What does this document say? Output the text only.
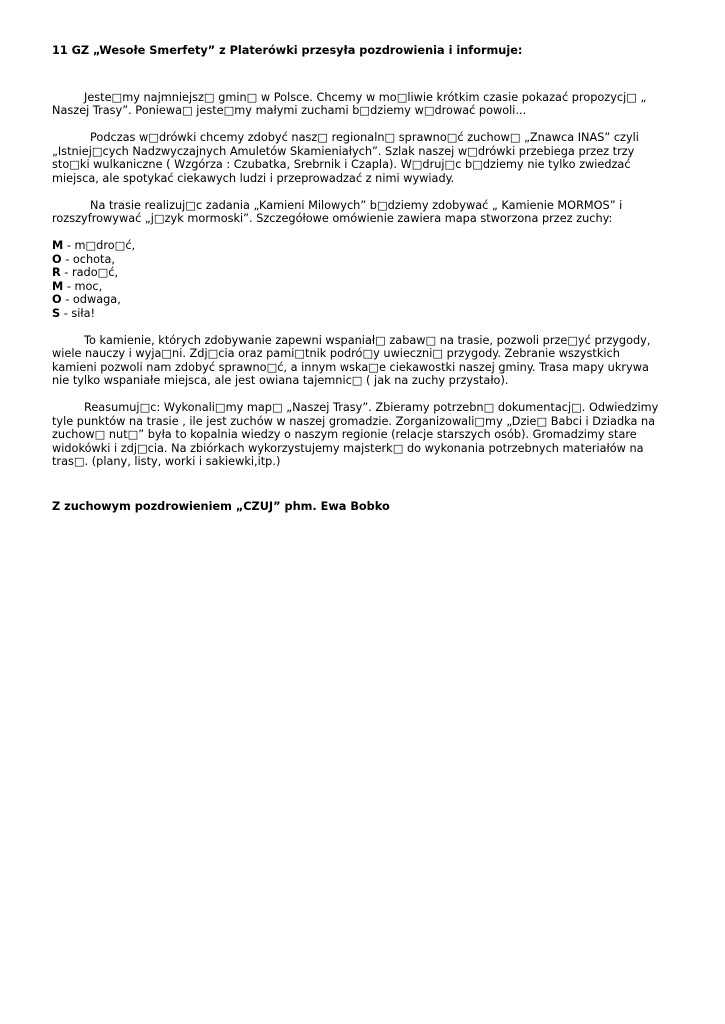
11 GZ „Wesołe Smerfety” z Platerówki przesyła pozdrowienia i informuje:

Jeste□my najmniejsz□ gmin□ w Polsce. Chcemy w mo□liwie krótkim czasie pokazać propozycj□ „ Naszej Trasy”. Poniewa□ jeste□my małymi zuchami b□dziemy w□drować powoli...

Podczas w□drówki chcemy zdobyć nasz□ regionaln□ sprawno□ć zuchow□ „Znawca INAS” czyli „Istniej□cych Nadzwyczajnych Amuletów Skamieniałych”. Szlak naszej w□drówki przebiega przez trzy sto□ki wulkaniczne ( Wzgórza : Czubatka, Srebrnik i Czapla). W□druj□c b□dziemy nie tylko zwiedzać miejsca, ale spotykać ciekawych ludzi i przeprowadzać z nimi wywiady.

Na trasie realizuj□c zadania „Kamieni Milowych” b□dziemy zdobywać „ Kamienie MORMOS” i rozszyfrowywać „j□zyk mormoski”. Szczegółowe omówienie zawiera mapa stworzona przez zuchy:

M - m□dro□ć,

O - ochota,

R - rado□ć,

M - moc,

O - odwaga,

S - siła!

To kamienie, których zdobywanie zapewni wspaniał□ zabaw□ na trasie, pozwoli prze□yć przygody, wiele nauczy i wyja□ni. Zdj□cia oraz pami□tnik podró□y uwieczni□ przygody. Zebranie wszystkich kamieni pozwoli nam zdobyć sprawno□ć, a innym wska□e ciekawostki naszej gminy. Trasa mapy ukrywa nie tylko wspaniałe miejsca, ale jest owiana tajemnic□ ( jak na zuchy przystało).

Reasumuj□c: Wykonali□my map□ „Naszej Trasy”. Zbieramy potrzebn□ dokumentacj□. Odwiedzimy tyle punktów na trasie , ile jest zuchów w naszej gromadzie. Zorganizowali□my „Dzie□ Babci i Dziadka na zuchow□ nut□” była to kopalnia wiedzy o naszym regionie (relacje starszych osób). Gromadzimy stare widokówki i zdj□cia. Na zbiórkach wykorzystujemy majsterk□ do wykonania potrzebnych materiałów na tras□. (plany, listy, worki i sakiewki,itp.)

Z zuchowym pozdrowieniem „CZUJ” phm. Ewa Bobko
